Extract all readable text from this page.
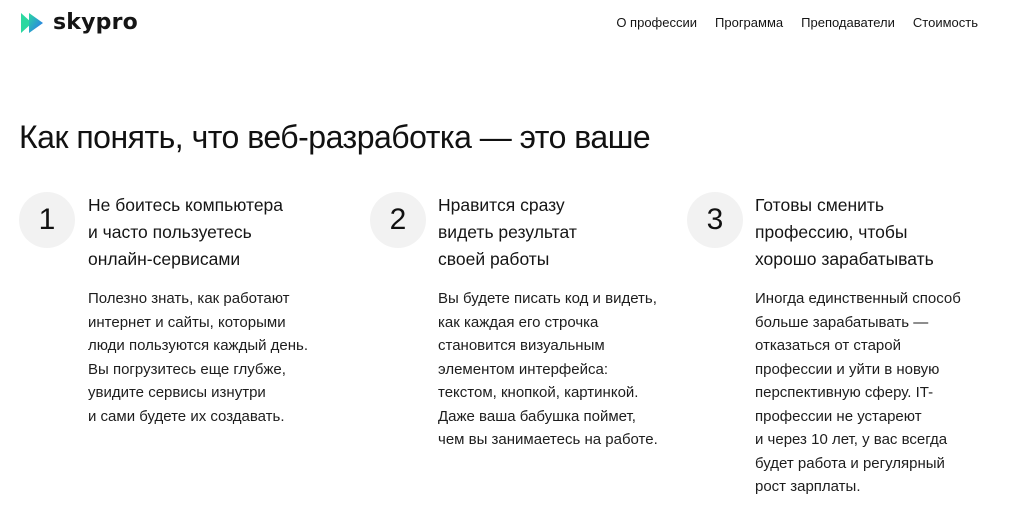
skypro	О профессии Программа Преподаватели Стоимость
Как понять, что веб-разработка — это ваше
1	Не боитесь компьютера
и часто пользуетесь
онлайн-сервисами
Полезно знать, как работают
интернет и сайты, которыми
люди пользуются каждый день.
Вы погрузитесь еще глубже,
увидите сервисы изнутри
и сами будете их создавать.
2	Нравится сразу
видеть результат
своей работы
Вы будете писать код и видеть,
как каждая его строчка
становится визуальным
элементом интерфейса:
текстом, кнопкой, картинкой.
Даже ваша бабушка поймет,
чем вы занимаетесь на работе.
3	Готовы сменить
профессию, чтобы
хорошо зарабатывать
Иногда единственный способ
больше зарабатывать —
отказаться от старой
профессии и уйти в новую
перспективную сферу. IT-
профессии не устареют
и через 10 лет, у вас всегда
будет работа и регулярный
рост зарплаты.
